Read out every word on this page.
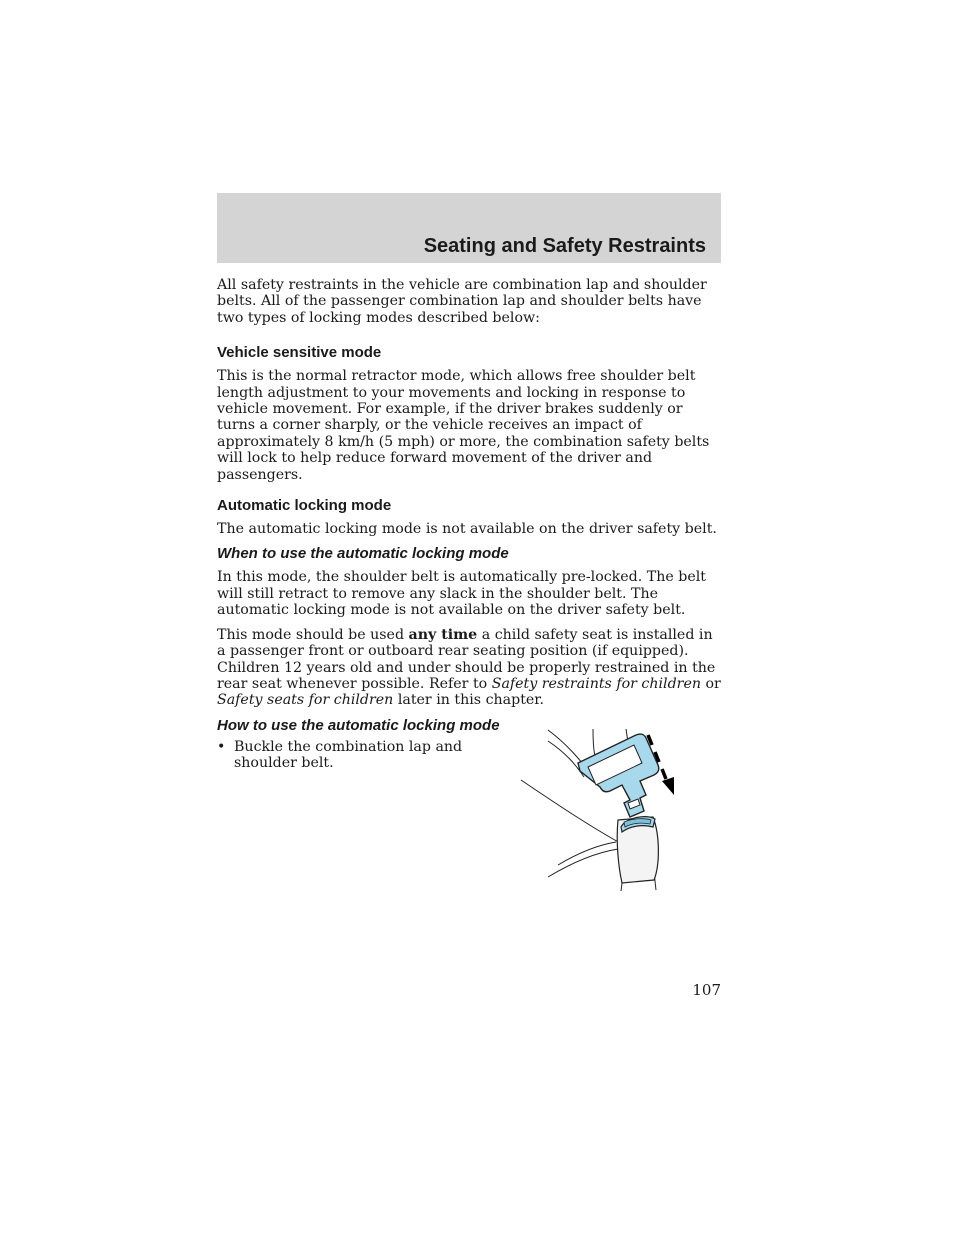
Seating and Safety Restraints

All safety restraints in the vehicle are combination lap and shoulder belts. All of the passenger combination lap and shoulder belts have two types of locking modes described below:

Vehicle sensitive mode

This is the normal retractor mode, which allows free shoulder belt length adjustment to your movements and locking in response to vehicle movement. For example, if the driver brakes suddenly or turns a corner sharply, or the vehicle receives an impact of approximately 8 km/h (5 mph) or more, the combination safety belts will lock to help reduce forward movement of the driver and passengers.

Automatic locking mode

The automatic locking mode is not available on the driver safety belt.

When to use the automatic locking mode

In this mode, the shoulder belt is automatically pre-locked. The belt will still retract to remove any slack in the shoulder belt. The automatic locking mode is not available on the driver safety belt.

This mode should be used any time a child safety seat is installed in a passenger front or outboard rear seating position (if equipped). Children 12 years old and under should be properly restrained in the rear seat whenever possible. Refer to Safety restraints for children or Safety seats for children later in this chapter.

How to use the automatic locking mode
• Buckle the combination lap and shoulder belt.
107
